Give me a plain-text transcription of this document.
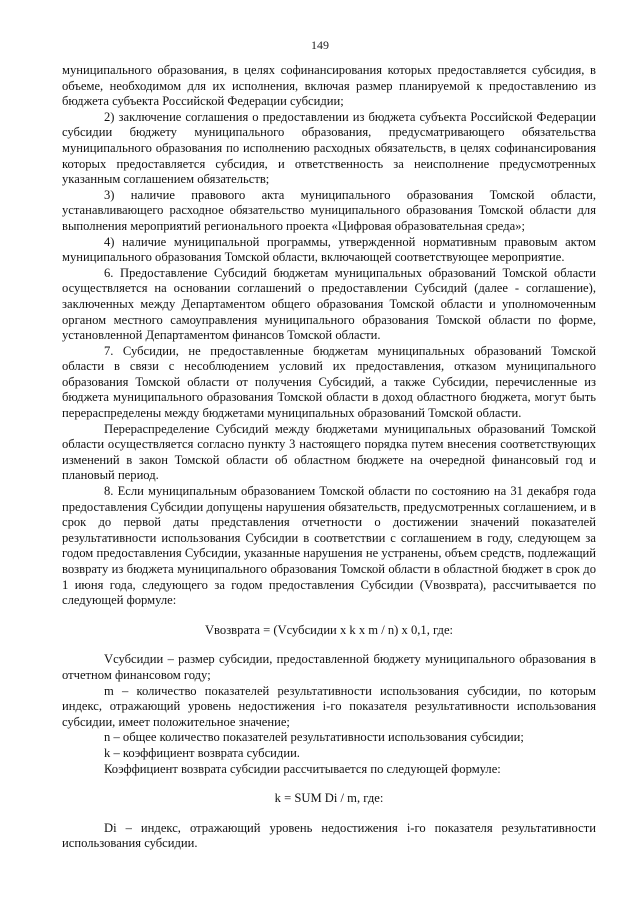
149

муниципального образования, в целях софинансирования которых предоставляется субсидия, в объеме, необходимом для их исполнения, включая размер планируемой к предоставлению из бюджета субъекта Российской Федерации субсидии;

2) заключение соглашения о предоставлении из бюджета субъекта Российской Федерации субсидии бюджету муниципального образования, предусматривающего обязательства муниципального образования по исполнению расходных обязательств, в целях софинансирования которых предоставляется субсидия, и ответственность за неисполнение предусмотренных указанным соглашением обязательств;

3) наличие правового акта муниципального образования Томской области, устанавливающего расходное обязательство муниципального образования Томской области для выполнения мероприятий регионального проекта «Цифровая образовательная среда»;

4) наличие муниципальной программы, утвержденной нормативным правовым актом муниципального образования Томской области, включающей соответствующее мероприятие.

6. Предоставление Субсидий бюджетам муниципальных образований Томской области осуществляется на основании соглашений о предоставлении Субсидий (далее - соглашение), заключенных между Департаментом общего образования Томской области и уполномоченным органом местного самоуправления муниципального образования Томской области по форме, установленной Департаментом финансов Томской области.

7. Субсидии, не предоставленные бюджетам муниципальных образований Томской области в связи с несоблюдением условий их предоставления, отказом муниципального образования Томской области от получения Субсидий, а также Субсидии, перечисленные из бюджета муниципального образования Томской области в доход областного бюджета, могут быть перераспределены между бюджетами муниципальных образований Томской области.

Перераспределение Субсидий между бюджетами муниципальных образований Томской области осуществляется согласно пункту 3 настоящего порядка путем внесения соответствующих изменений в закон Томской области об областном бюджете на очередной финансовый год и плановый период.

8. Если муниципальным образованием Томской области по состоянию на 31 декабря года предоставления Субсидии допущены нарушения обязательств, предусмотренных соглашением, и в срок до первой даты представления отчетности о достижении значений показателей результативности использования Субсидии в соответствии с соглашением в году, следующем за годом предоставления Субсидии, указанные нарушения не устранены, объем средств, подлежащий возврату из бюджета муниципального образования Томской области в областной бюджет в срок до 1 июня года, следующего за годом предоставления Субсидии (Vвозврата), рассчитывается по следующей формуле:

Vвозврата = (Vсубсидии x k x m / n) x 0,1, где:

Vсубсидии – размер субсидии, предоставленной бюджету муниципального образования в отчетном финансовом году;

m – количество показателей результативности использования субсидии, по которым индекс, отражающий уровень недостижения i-го показателя результативности использования субсидии, имеет положительное значение;

n – общее количество показателей результативности использования субсидии;

k – коэффициент возврата субсидии.

Коэффициент возврата субсидии рассчитывается по следующей формуле:

k = SUM Di / m, где:

Di – индекс, отражающий уровень недостижения i-го показателя результативности использования субсидии.
